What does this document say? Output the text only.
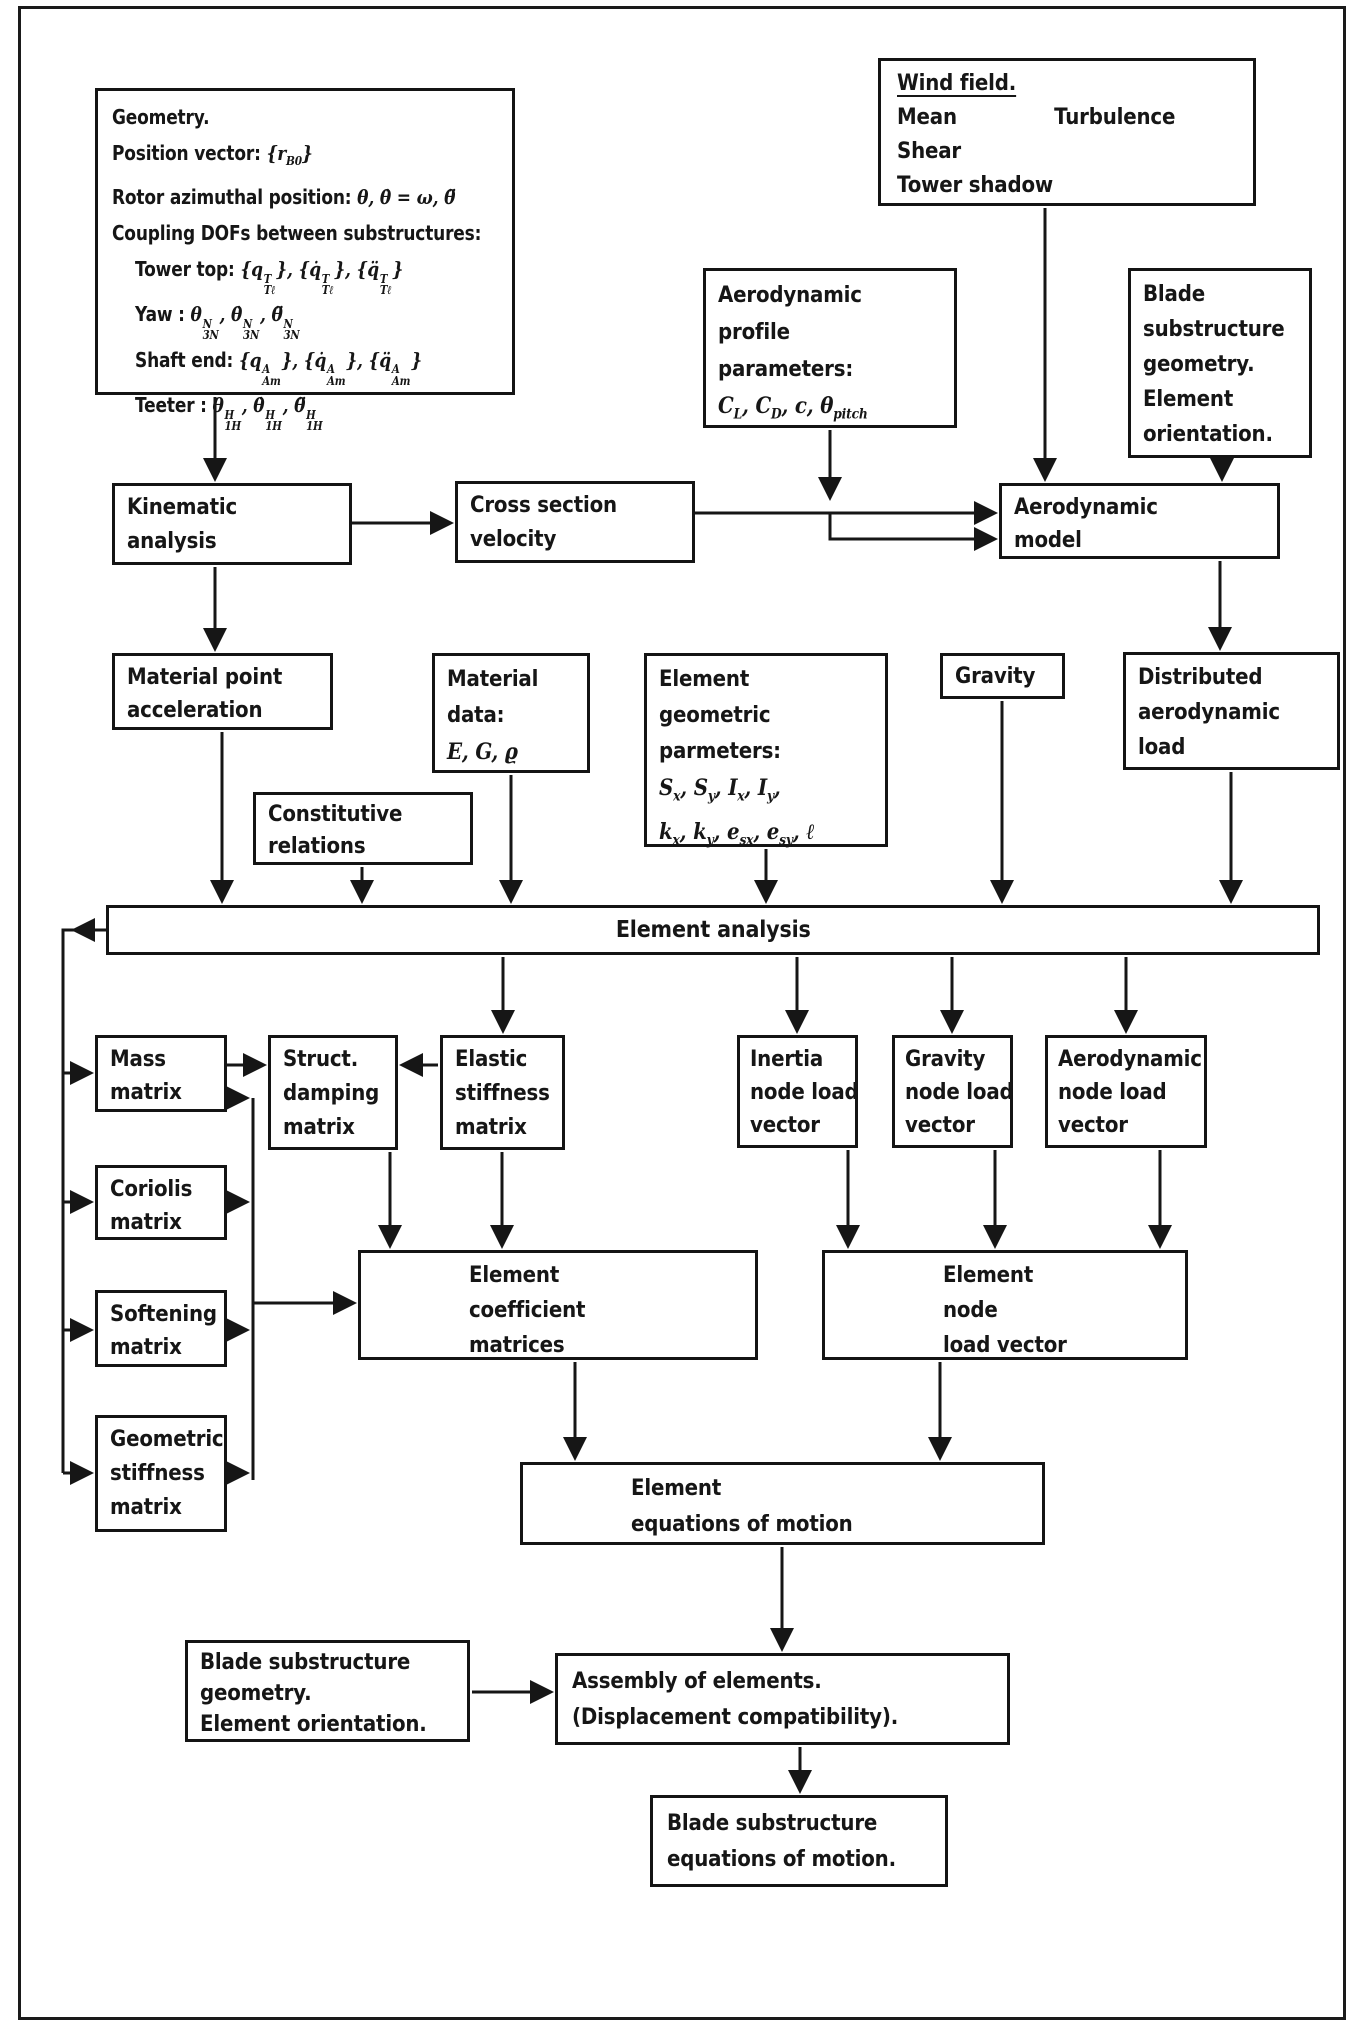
Geometry.
Position vector: $\{r_{B0}\}$
Rotor azimuthal position: θ, θ̇ = ω, θ̈
Coupling DOFs between substructures:
Tower top: {q T
Tℓ
}, {q̇ T
Tℓ
}, {q̈ T
Tℓ
}
Yaw : θ N
3N
, θ̇ N
3N
, θ̈ N
3N
Shaft end: {q A
Am
}, {q̇ A
Am
}, {q̈ A
Am
}
Teeter : θ H
1H
, θ̇ H
1H
, θ̈ H
1H
Wind field.
Mean	Turbulence
Shear
Tower shadow
Aerodynamic
profile
parameters:
$C_L$, $C_D$, c, $\theta_{pitch}$
Blade
substructure
geometry.
Element
orientation.
Kinematic
analysis
Cross section
velocity
Aerodynamic
model
Material point
acceleration
Material
data:
E, G, ϱ
Constitutive
relations
Element
geometric
parmeters:
$S_x$, $S_y$, $I_x$, $I_y$,
$k_x$, $k_y$, $e_{sx}$, $e_{sy}$, ℓ
Gravity	Distributed
aerodynamic
load
Element analysis
Mass
matrix
Struct.
damping
matrix
Elastic
stiffness
matrix
Inertia
node load
vector
Gravity
node load
vector
Aerodynamic
node load
vector
Coriolis
matrix
Softening
matrix
Geometric
stiffness
matrix
Element
coefficient
matrices
Element
node
load vector
Element
equations of motion
Blade substructure
geometry.
Element orientation.
Assembly of elements.
(Displacement compatibility).
Blade substructure
equations of motion.
